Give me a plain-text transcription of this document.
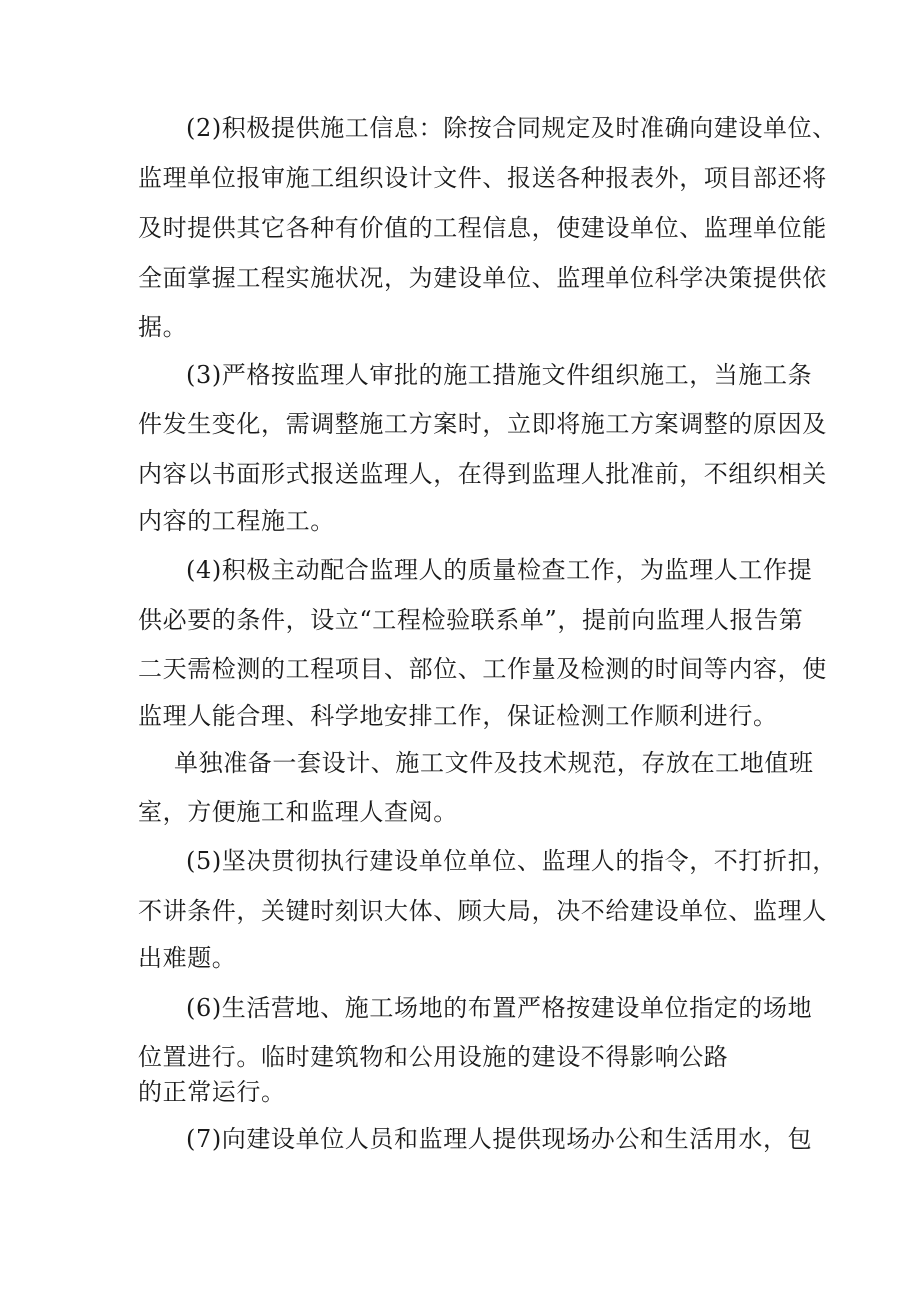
(2)积极提供施工信息：除按合同规定及时准确向建设单位、
监理单位报审施工组织设计文件、报送各种报表外，项目部还将
及时提供其它各种有价值的工程信息，使建设单位、监理单位能
全面掌握工程实施状况，为建设单位、监理单位科学决策提供依
据。
(3)严格按监理人审批的施工措施文件组织施工，当施工条
件发生变化，需调整施工方案时，立即将施工方案调整的原因及
内容以书面形式报送监理人，在得到监理人批准前，不组织相关
内容的工程施工。
(4)积极主动配合监理人的质量检查工作，为监理人工作提
供必要的条件，设立“工程检验联系单”，提前向监理人报告第
二天需检测的工程项目、部位、工作量及检测的时间等内容，使
监理人能合理、科学地安排工作，保证检测工作顺利进行。
单独准备一套设计、施工文件及技术规范，存放在工地值班
室，方便施工和监理人查阅。
(5)坚决贯彻执行建设单位单位、监理人的指令，不打折扣，
不讲条件，关键时刻识大体、顾大局，决不给建设单位、监理人
出难题。
(6)生活营地、施工场地的布置严格按建设单位指定的场地
位置进行。临时建筑物和公用设施的建设不得影响公路
的正常运行。
(7)向建设单位人员和监理人提供现场办公和生活用水，包
